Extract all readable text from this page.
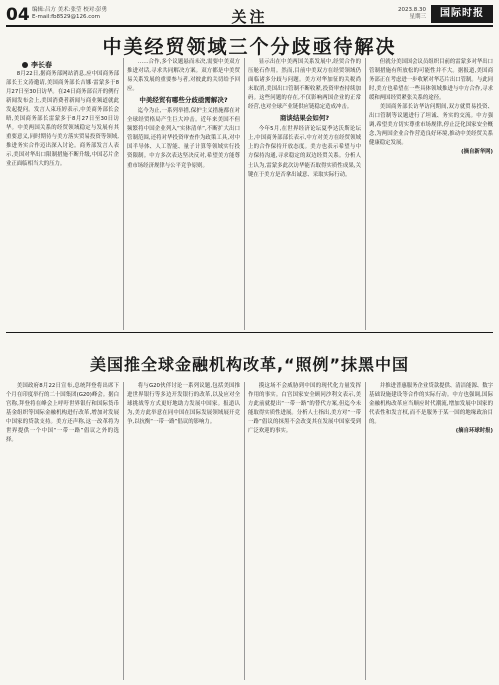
04 编辑:吕方 美术:张莹 校对:彭勇
E-mail:fb8529@126.com	关注	2023.8.30
星期三	国际时报
中美经贸领域三个分歧亟待解决
李长春
8月22日,据商务部网站消息,应中国商务部部长王文涛邀请,美国商务部长吉娜·雷蒙多于8月27日至30日访华。在24日商务部召开的例行新闻发布会上,美国消费者新闻与商业频道就此发起提问。发言人束珏婷表示,中美商务部长会晤,美国商务部长雷蒙多于8月27日至30日访华。中美两国关系的经贸领域稳定与发展有其重要意义,同时期待与美方落实贸易投资等领域,推进务实合作迈出深入讨论。商务部发言人表示,美国对华出口限制措施不断升级,中国芯片企业正面临相当大的压力。
……合作,多个议题悬而未决,需要中美双方推进对话,寻求共同解决方案。双方都是中美贸易关系发展的重要参与者,对彼此的关切给予回应。
中美经贸有哪些分歧亟需解决?
迄今为止,一系列举措,保护主义措施都在对全球经贸格局产生巨大冲击。近年来美国不但频繁将中国企业列入“实体清单”,不断扩大出口管制范围,还将对华投资审查作为政策工具,对中国半导体、人工智能、量子计算等领域实行投资限制。中方多次表达坚决反对,希望美方能尊重市场经济规律与公平竞争原则。
显示出在中美两国关系发展中,经贸合作的压舱石作用。然而,目前中美双方在经贸领域仍面临诸多分歧与问题。美方对华加征的关税尚未取消,美国出口管制不断收紧,投资审查持续加码。这些问题的存在,不仅影响两国企业的正常经营,也对全球产业链供应链稳定造成冲击。
商谈结果会如何?
今年5月,在世界经济论坛夏季达沃斯论坛上,中国商务部部长表示,中方对美方在经贸领域上的合作保持开放态度。美方也表示希望与中方保持沟通,寻求稳定的双边经贸关系。分析人士认为,雷蒙多此次访华能否取得实质性成果,关键在于美方是否拿出诚意、采取实际行动。
但就分美国国会议员组织目前的雷蒙多对华出口管制措施有所放松的可能性并不大。据报道,美国商务部正在考虑进一步收紧对华芯片出口管制。与此同时,美方也希望在一些具体领域推进与中方合作,寻求缓和两国经贸紧张关系的途径。
美国商务部长访华访问期间,双方就贸易投资、出口管制等议题进行了坦诚、务实的交流。中方强调,希望美方切实尊重市场规律,停止泛化国家安全概念,为两国企业合作营造良好环境,推动中美经贸关系健康稳定发展。
(摘自新华网)
美国推全球金融机构改革,“照例”抹黑中国
美国政府8月22日宣布,总统拜登将出席下个月在印度举行的二十国集团(G20)峰会。据白宫称,拜登将在峰会上呼吁世界银行和国际货币基金组织等国际金融机构进行改革,增加对发展中国家的贷款支持。美方还声称,这一改革将为世界提供一个中国“一带一路”倡议之外的选择。
将与G20伙伴讨论一系列议题,包括美国推进世界银行等多边开发银行的改革,以及应对全球挑战等方式更好地助力发展中国家。报道认为,美方此举意在同中国在国际发展领域展开竞争,以抗衡“一带一路”倡议的影响力。
摸这场不会威胁到中国的现代化力量发挥作用的事实。白宫国家安全顾问沙利文表示,美方此前就提出“一带一路”的替代方案,但迄今未能取得实质性进展。分析人士指出,美方对“一带一路”倡议的抹黑不会改变其在发展中国家受到广泛欢迎的事实。
并推进普惠服务企业贷款提供、清洁能源、数字基础设施建设等合作的实际行动。中方也强调,国际金融机构改革应当顺应时代潮流,增加发展中国家的代表性和发言权,而不是服务于某一国的地缘政治目的。
(摘自环球时报)
